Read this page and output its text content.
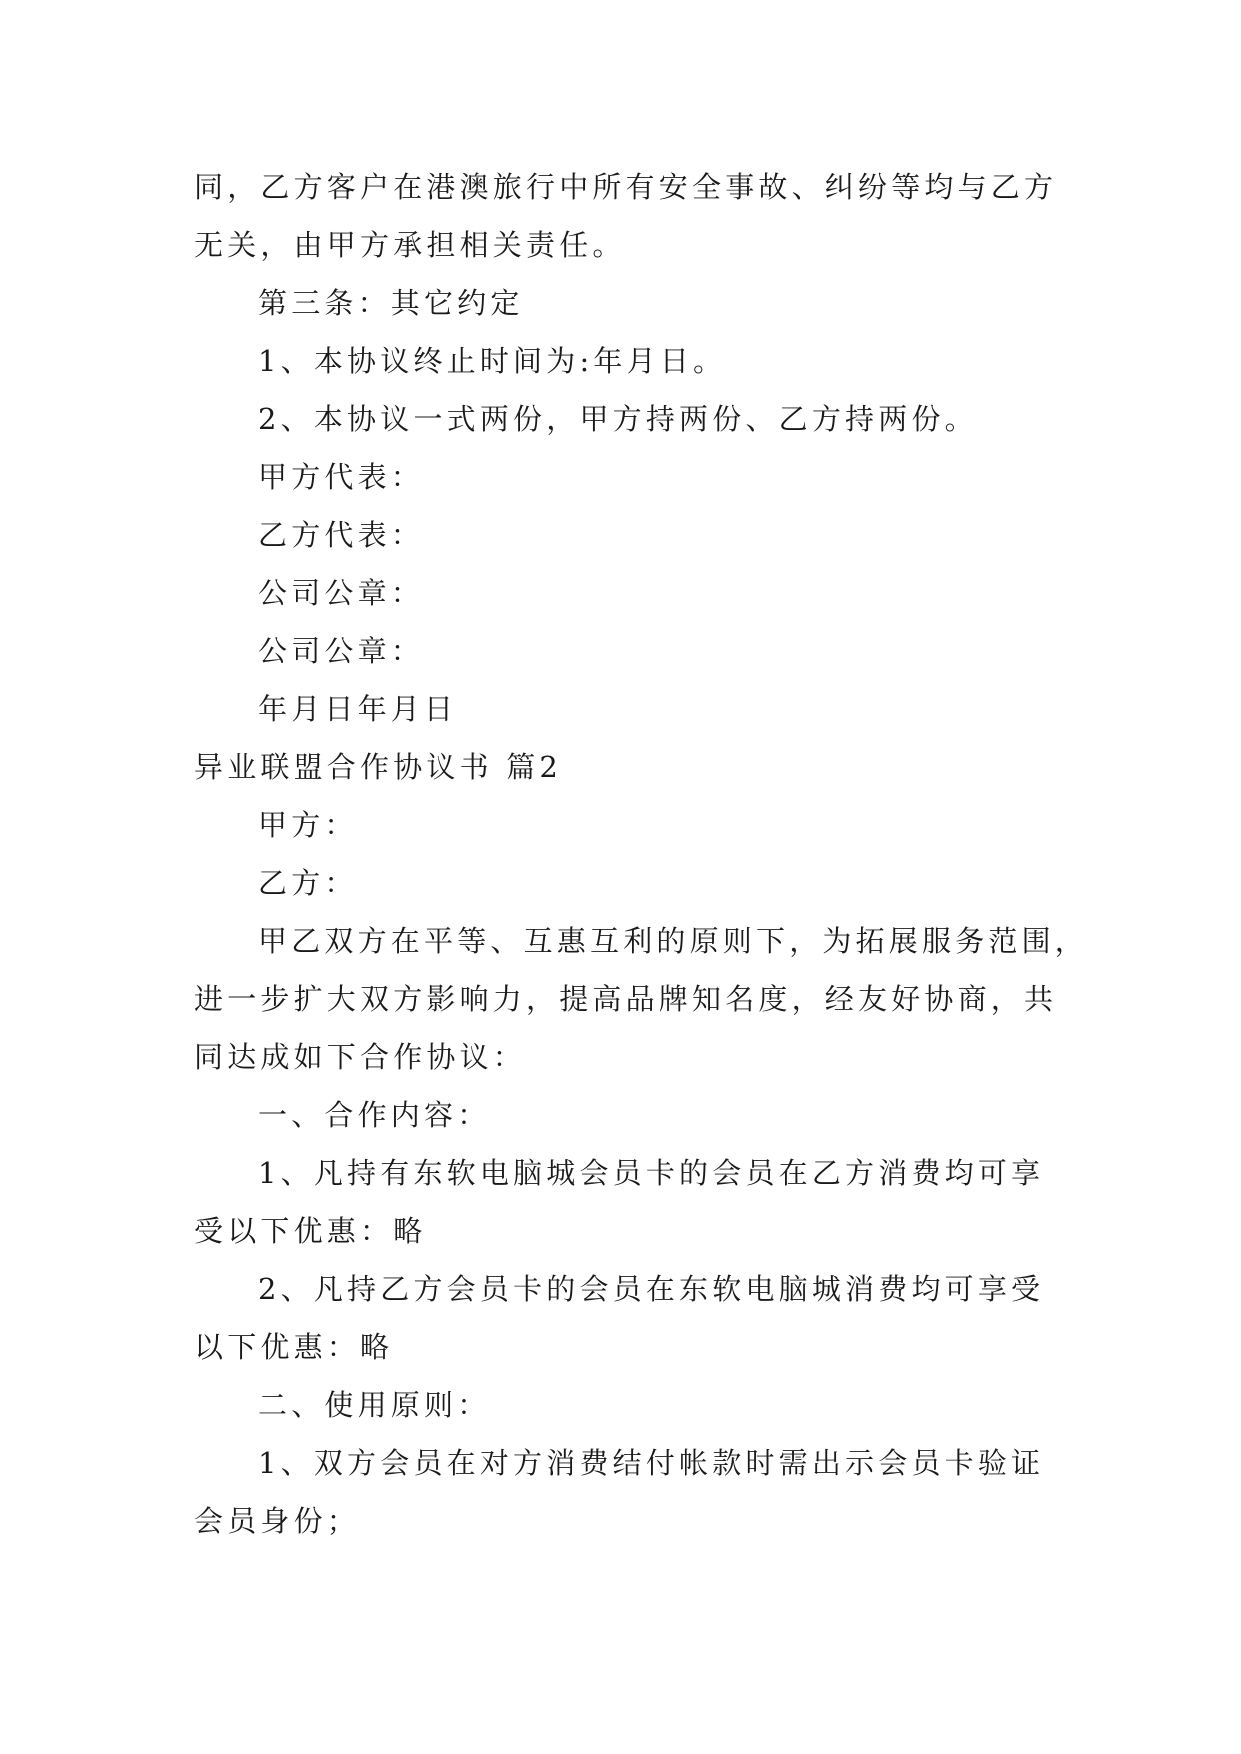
同，乙方客户在港澳旅行中所有安全事故、纠纷等均与乙方

无关，由甲方承担相关责任。

第三条：其它约定

1、本协议终止时间为:年月日。

2、本协议一式两份，甲方持两份、乙方持两份。

甲方代表：

乙方代表：

公司公章：

公司公章：

年月日年月日

异业联盟合作协议书 篇2

甲方：

乙方：

甲乙双方在平等、互惠互利的原则下，为拓展服务范围，

进一步扩大双方影响力，提高品牌知名度，经友好协商，共

同达成如下合作协议：

一、合作内容：

1、凡持有东软电脑城会员卡的会员在乙方消费均可享

受以下优惠：略

2、凡持乙方会员卡的会员在东软电脑城消费均可享受

以下优惠：略

二、使用原则：

1、双方会员在对方消费结付帐款时需出示会员卡验证

会员身份；
